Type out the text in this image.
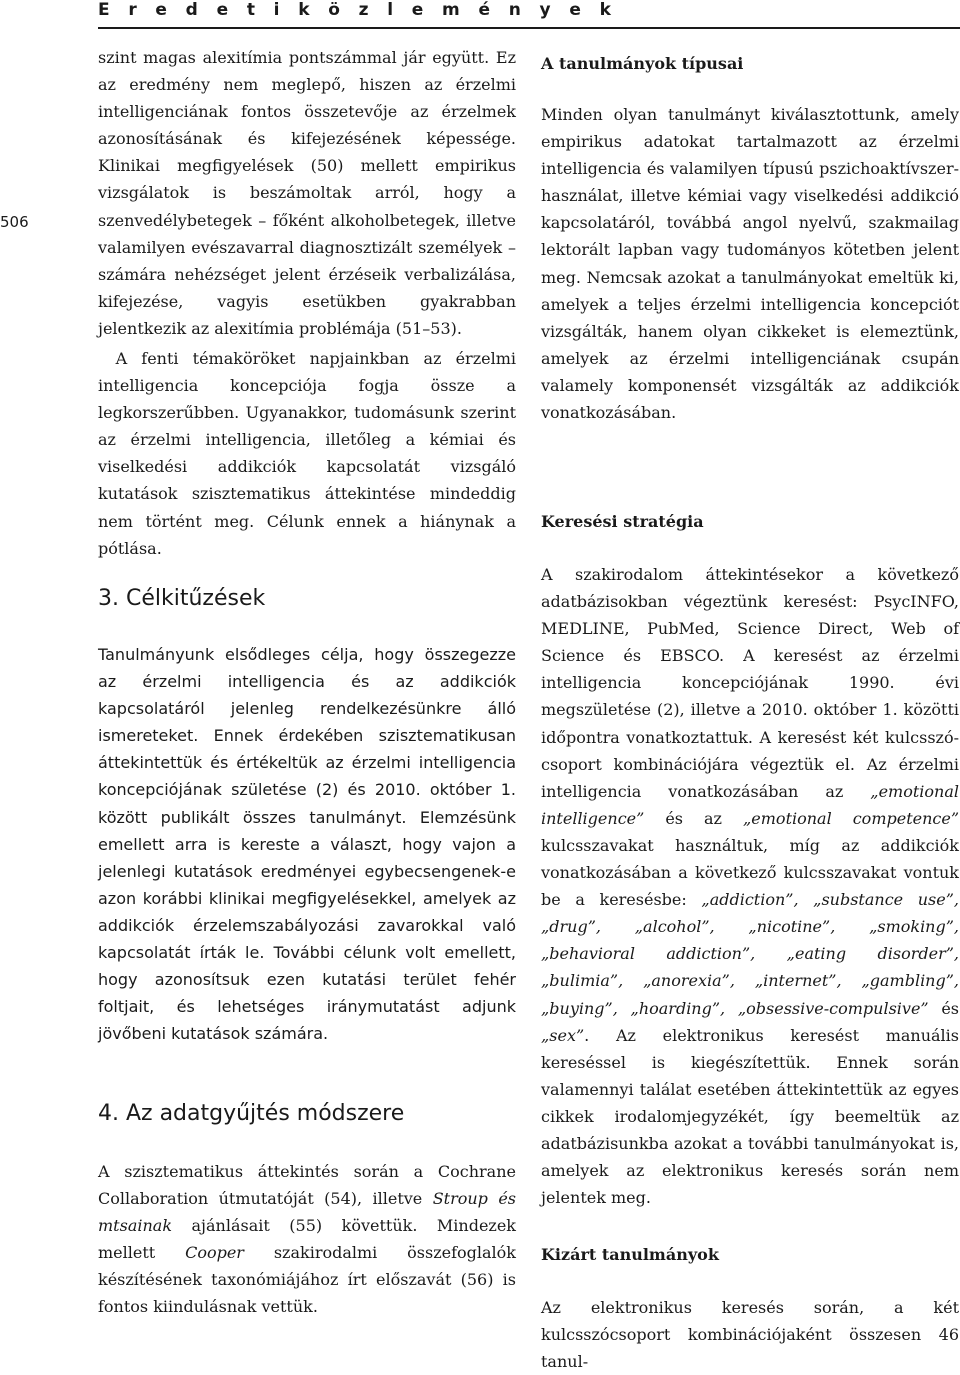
E r e d e t i k ö z l e m é n y e k
506

szint magas alexitímia pontszámmal jár együtt. Ez az eredmény nem meglepő, hiszen az érzelmi intelligenciának fontos összetevője az érzelmek azonosításának és kifejezésének képessége. Klinikai megfigyelések (50) mellett empirikus vizsgálatok is beszámoltak arról, hogy a szenvedélybetegek – főként alkoholbetegek, illetve valamilyen evészavarral diagnosztizált személyek – számára nehézséget jelent érzéseik verbalizálása, kifejezése, vagyis esetükben gyakrabban jelentkezik az alexitímia problémája (51–53).

A fenti témaköröket napjainkban az érzelmi intelligencia koncepciója fogja össze a legkorszerűbben. Ugyanakkor, tudomásunk szerint az érzelmi intelligencia, illetőleg a kémiai és viselkedési addikciók kapcsolatát vizsgáló kutatások szisztematikus áttekintése mindeddig nem történt meg. Célunk ennek a hiánynak a pótlása.

3. Célkitűzések

Tanulmányunk elsődleges célja, hogy összegezze az érzelmi intelligencia és az addikciók kapcsolatáról jelenleg rendelkezésünkre álló ismereteket. Ennek érdekében szisztematikusan áttekintettük és értékeltük az érzelmi intelligencia koncepciójának születése (2) és 2010. október 1. között publikált összes tanulmányt. Elemzésünk emellett arra is kereste a választ, hogy vajon a jelenlegi kutatások eredményei egybecsengenek-e azon korábbi klinikai megfigyelésekkel, amelyek az addikciók érzelemszabályozási zavarokkal való kapcsolatát írták le. További célunk volt emellett, hogy azonosítsuk ezen kutatási terület fehér foltjait, és lehetséges iránymutatást adjunk jövőbeni kutatások számára.

4. Az adatgyűjtés módszere

A szisztematikus áttekintés során a Cochrane Collaboration útmutatóját (54), illetve Stroup és mtsainak ajánlásait (55) követtük. Mindezek mellett Cooper szakirodalmi összefoglalók készítésének taxonómiájához írt előszavát (56) is fontos kiindulásnak vettük.

A tanulmányok típusai

Minden olyan tanulmányt kiválasztottunk, amely empirikus adatokat tartalmazott az érzelmi intelligencia és valamilyen típusú pszichoaktívszer-használat, illetve kémiai vagy viselkedési addikció kapcsolatáról, továbbá angol nyelvű, szakmailag lektorált lapban vagy tudományos kötetben jelent meg. Nemcsak azokat a tanulmányokat emeltük ki, amelyek a teljes érzelmi intelligencia koncepciót vizsgálták, hanem olyan cikkeket is elemeztünk, amelyek az érzelmi intelligenciának csupán valamely komponensét vizsgálták az addikciók vonatkozásában.

Keresési stratégia

A szakirodalom áttekintésekor a következő adatbázisokban végeztünk keresést: PsycINFO, MEDLINE, PubMed, Science Direct, Web of Science és EBSCO. A keresést az érzelmi intelligencia koncepciójának 1990. évi megszületése (2), illetve a 2010. október 1. közötti időpontra vonatkoztattuk. A keresést két kulcsszó-csoport kombinációjára végeztük el. Az érzelmi intelligencia vonatkozásában az „emotional intelligence” és az „emotional competence” kulcsszavakat használtuk, míg az addikciók vonatkozásában a következő kulcsszavakat vontuk be a keresésbe: „addiction”, „substance use”, „drug”, „alcohol”, „nicotine”, „smoking”, „behavioral addiction”, „eating disorder”, „bulimia”, „anorexia”, „internet”, „gambling”, „buying”, „hoarding”, „obsessive-compulsive” és „sex”. Az elektronikus keresést manuális kereséssel is kiegészítettük. Ennek során valamennyi találat esetében áttekintettük az egyes cikkek irodalomjegyzékét, így beemeltük az adatbázisunkba azokat a további tanulmányokat is, amelyek az elektronikus keresés során nem jelentek meg.

Kizárt tanulmányok

Az elektronikus keresés során, a két kulcsszócsoport kombinációjaként összesen 46 tanul-
